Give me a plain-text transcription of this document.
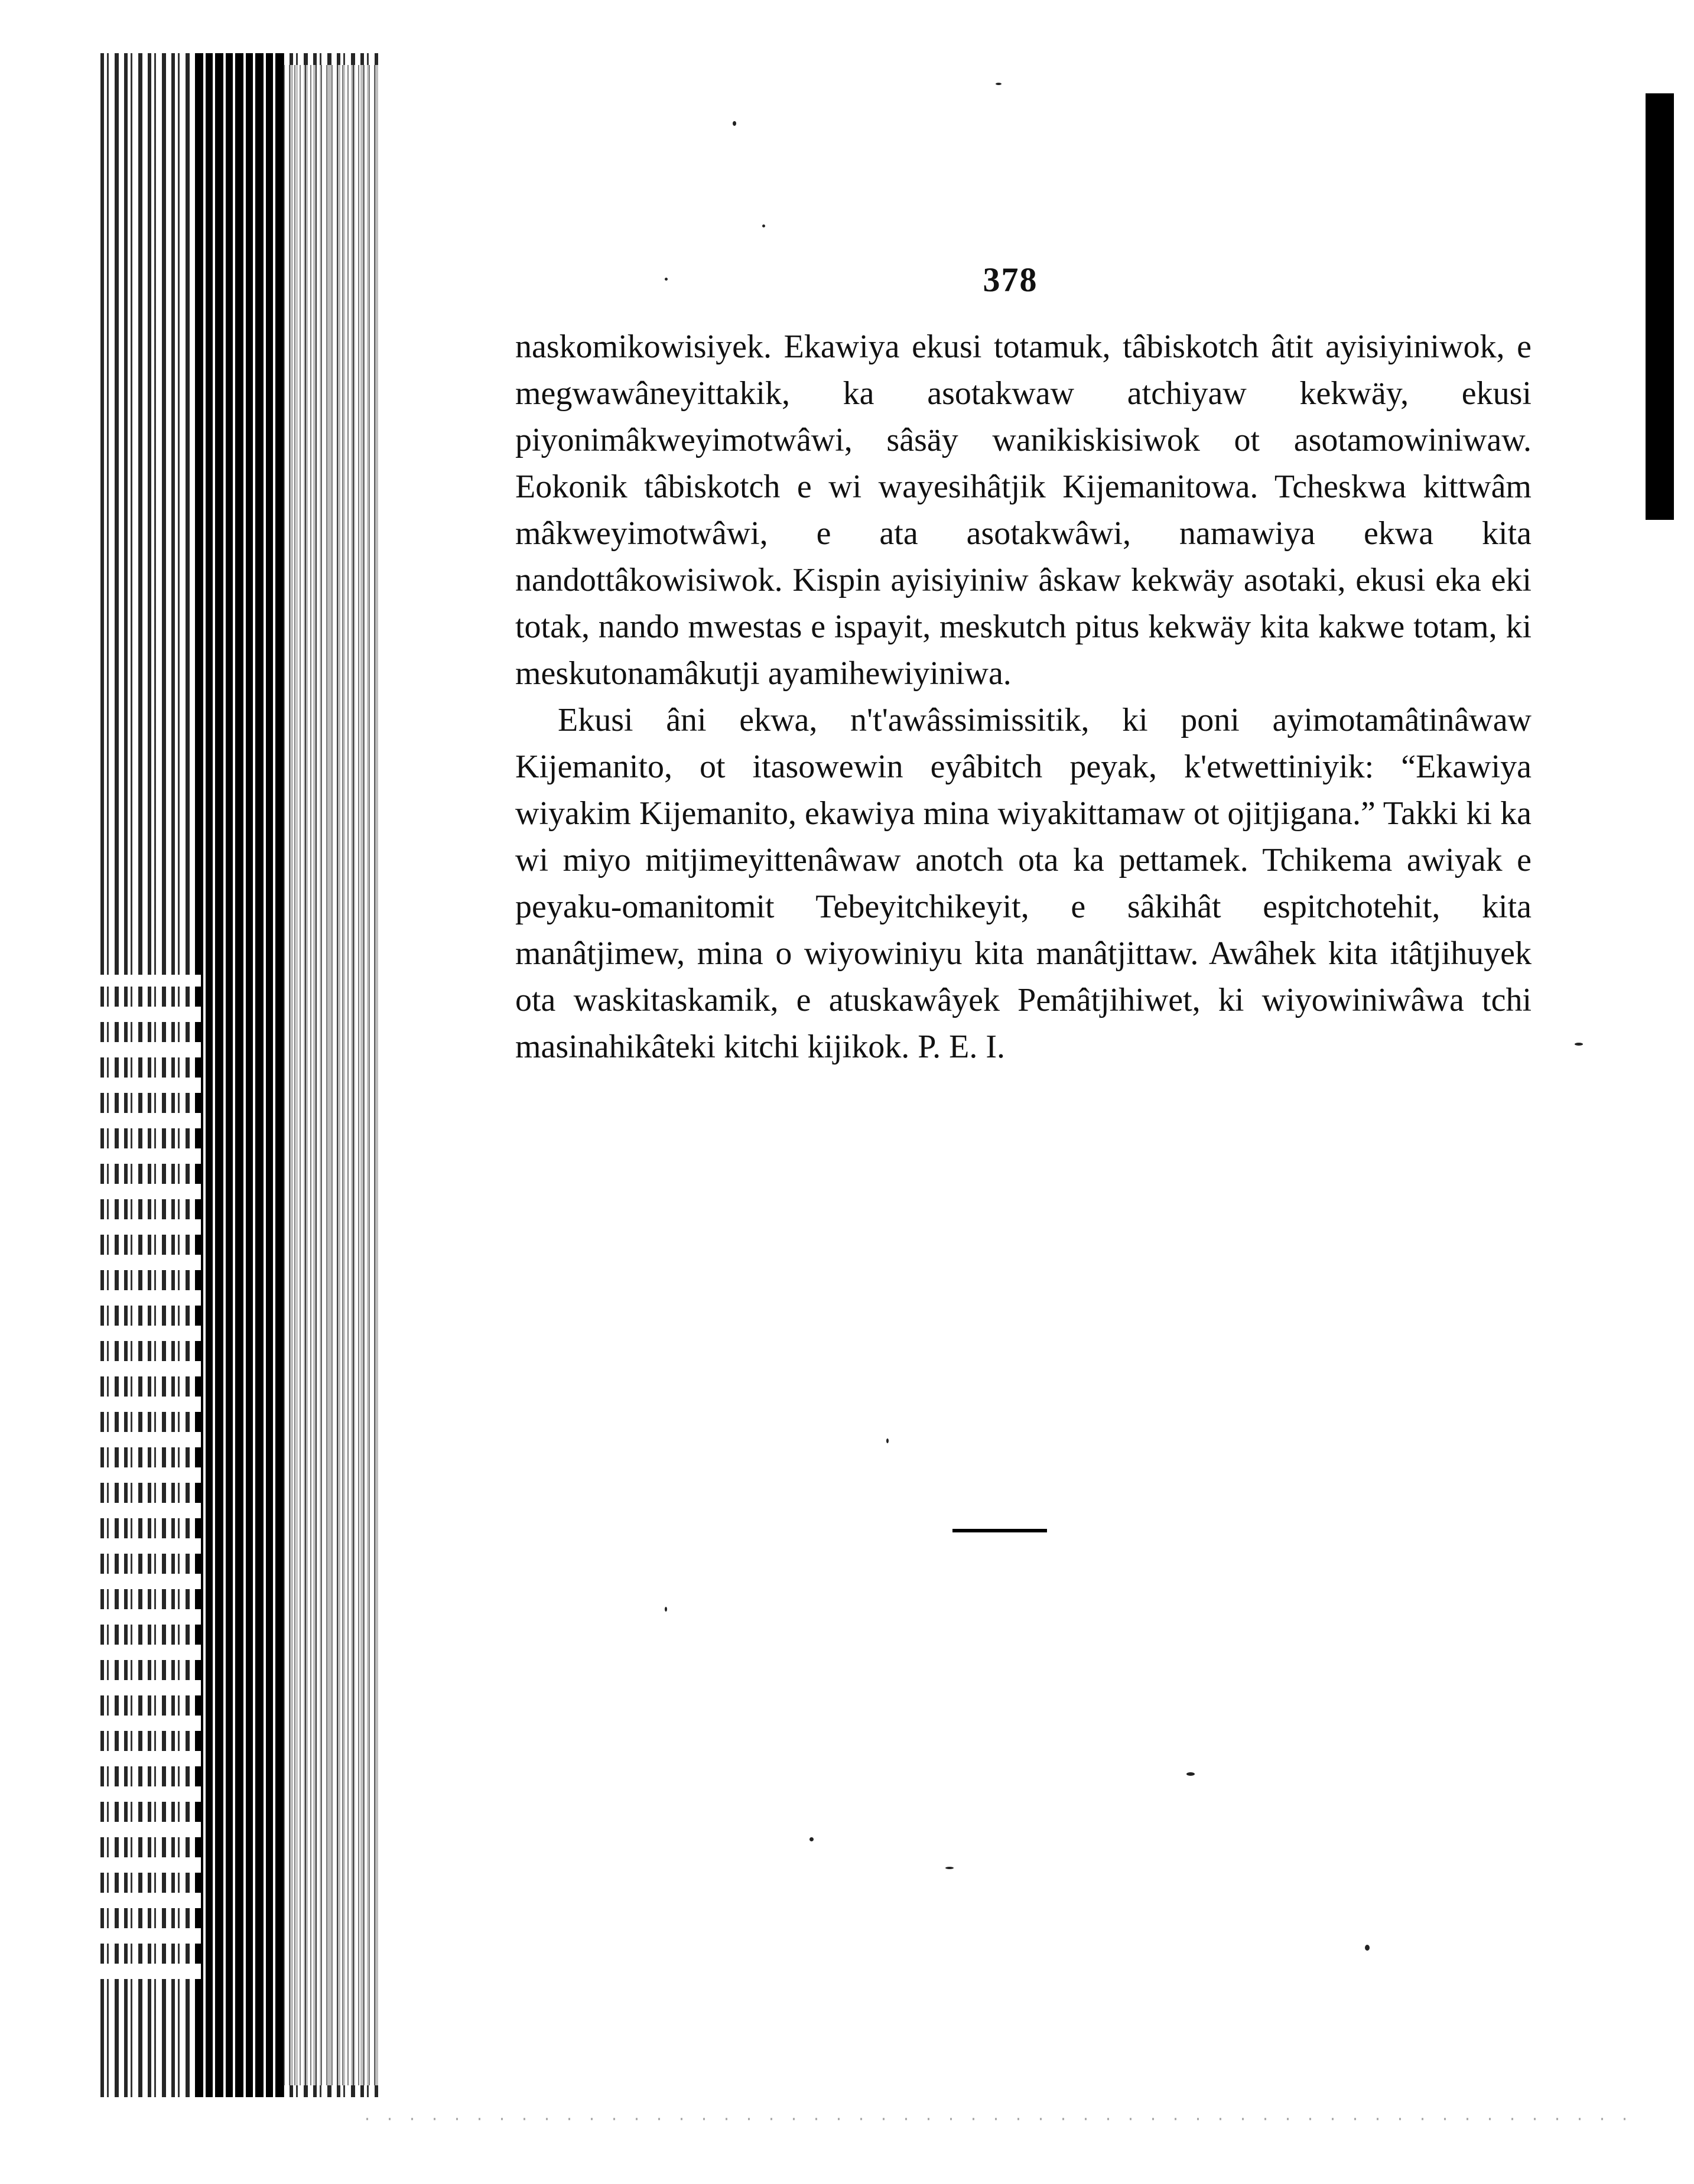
378

naskomikowisiyek. Ekawiya ekusi totamuk, tâbiskotch âtit ayisiyiniwok, e megwawâneyittakik, ka asotakwaw atchiyaw kekwäy, ekusi piyonimâkweyimotwâwi, sâsäy wanikiskisiwok ot asotamowiniwaw. Eokonik tâbiskotch e wi wayesihâtjik Kijemanitowa. Tcheskwa kittwâm mâkweyimotwâwi, e ata asotakwâwi, namawiya ekwa kita nandottâkowisiwok. Kispin ayisiyiniw âskaw kekwäy asotaki, ekusi eka eki totak, nando mwestas e ispayit, meskutch pitus kekwäy kita kakwe totam, ki meskutonamâkutji ayamihewiyiniwa.

Ekusi âni ekwa, n't'awâssimissitik, ki poni ayimotamâtinâwaw Kijemanito, ot itasowewin eyâbitch peyak, k'etwettiniyik: “Ekawiya wiyakim Kijemanito, ekawiya mina wiyakittamaw ot ojitjigana.” Takki ki ka wi miyo mitjimeyittenâwaw anotch ota ka pettamek. Tchikema awiyak e peyaku-omanitomit Tebeyitchikeyit, e sâkihât espitchotehit, kita manâtjimew, mina o wiyowiniyu kita manâtjittaw. Awâhek kita itâtjihuyek ota waskitaskamik, e atuskawâyek Pemâtjihiwet, ki wiyowiniwâwa tchi masinahikâteki kitchi kijikok. P. E. I.
